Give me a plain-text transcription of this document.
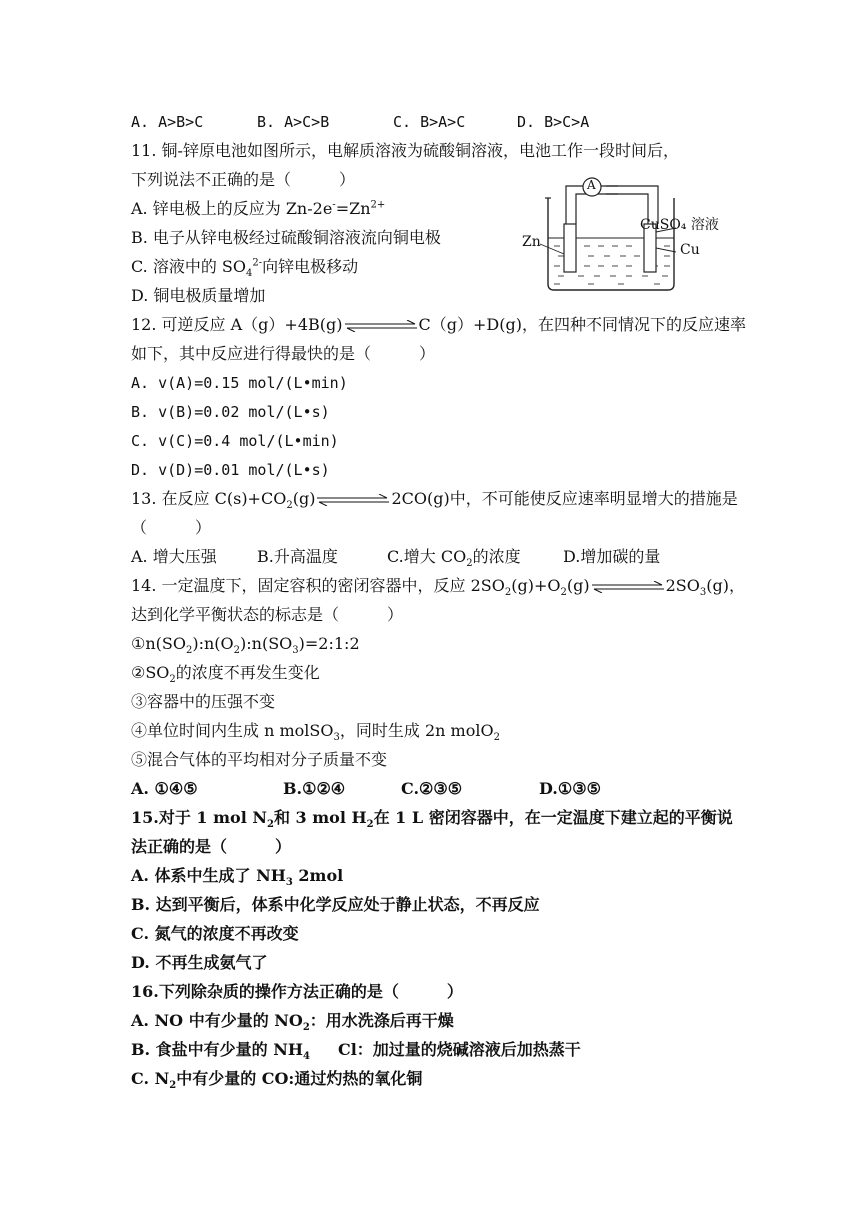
A. A>B>C	B. A>C>B	C. B>A>C	D. B>C>A
11. 铜-锌原电池如图所示，电解质溶液为硫酸铜溶液，电池工作一段时间后，
下列说法不正确的是（　　　）
A. 锌电极上的反应为 $Zn-2e^-=Zn^{2+}$
B. 电子从锌电极经过硫酸铜溶液流向铜电极
C. 溶液中的 $SO_4^{2-}$向锌电极移动
D. 铜电极质量增加
A
Zn
CuSO₄ 溶液
Cu
12. 可逆反应 A（g）+4B(g)	C（g）+D(g)，在四种不同情况下的反应速率
如下，其中反应进行得最快的是（　　　）
A. v(A)=0.15 mol/(L•min)
B. v(B)=0.02 mol/(L•s)
C. v(C)=0.4 mol/(L•min)
D. v(D)=0.01 mol/(L•s)
13. 在反应 $C(s)+CO_2(g)$	2CO(g)中，不可能使反应速率明显增大的措施是
（　　　）
A. 增大压强	B.升高温度	C.增大 $CO_2$的浓度	D.增加碳的量
14. 一定温度下，固定容积的密闭容器中，反应 $2SO_2(g)+O_2(g)$	$2SO_3(g)$，
达到化学平衡状态的标志是（　　　）
$①n(SO_2):n(O_2):n(SO_3)=2:1:2$
$②SO_2$的浓度不再发生变化
③容器中的压强不变
④单位时间内生成 n molSO$_3$，同时生成 2n molO$_2$
⑤混合气体的平均相对分子质量不变
A. ①④⑤	B.①②④	C.②③⑤	D.①③⑤
15.对于 1 mol $N_2$和 3 mol $H_2$在 1 L 密闭容器中，在一定温度下建立起的平衡说
法正确的是（　　　）
A. 体系中生成了 $NH_3$ 2mol
B. 达到平衡后，体系中化学反应处于静止状态，不再反应
C. 氮气的浓度不再改变
D. 不再生成氨气了
16.下列除杂质的操作方法正确的是（　　　）
A. NO 中有少量的 $NO_2$：用水洗涤后再干燥
B. 食盐中有少量的 $NH_4$ Cl：加过量的烧碱溶液后加热蒸干
C. $N_2$中有少量的 CO:通过灼热的氧化铜
